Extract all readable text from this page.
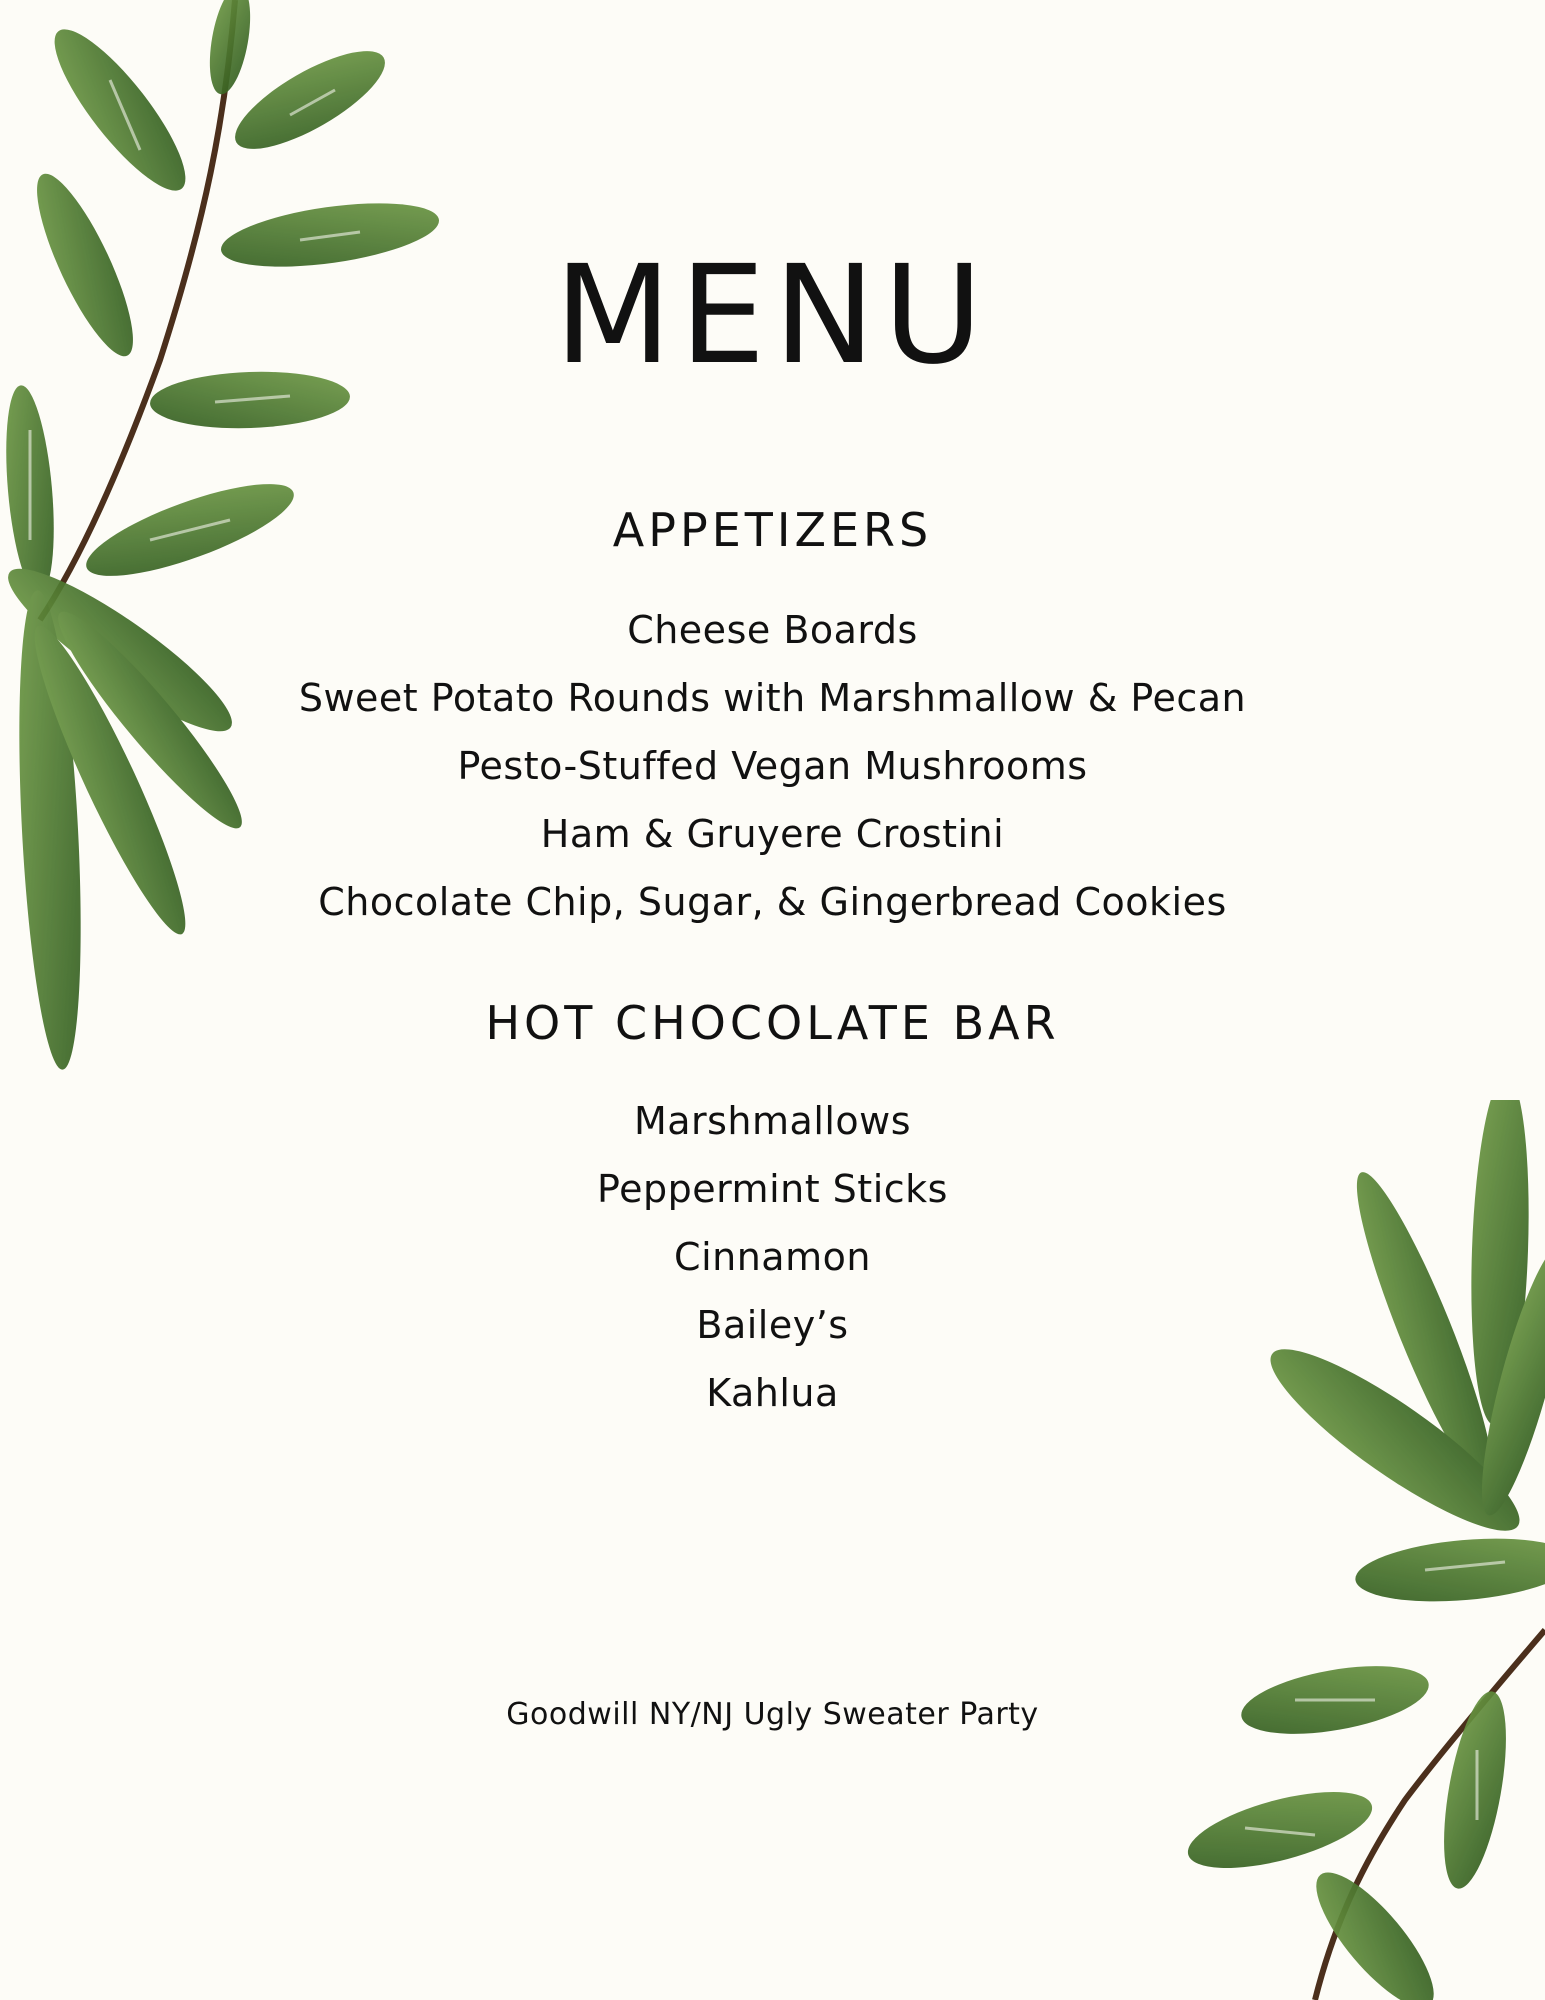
MENU
APPETIZERS
Cheese Boards
Sweet Potato Rounds with Marshmallow & Pecan
Pesto-Stuffed Vegan Mushrooms
Ham & Gruyere Crostini
Chocolate Chip, Sugar, & Gingerbread Cookies
HOT CHOCOLATE BAR
Marshmallows
Peppermint Sticks
Cinnamon
Bailey’s
Kahlua
Goodwill NY/NJ Ugly Sweater Party
